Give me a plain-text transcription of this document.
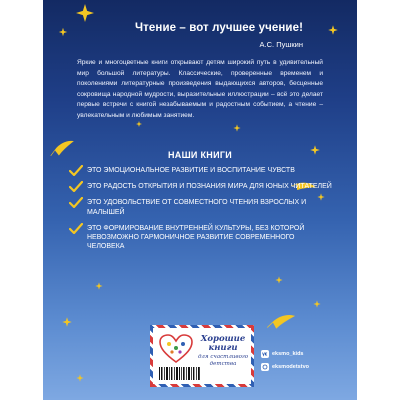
Чтение – вот лучшее учение!
А.С. Пушкин
Яркие и многоцветные книги открывают детям широкий путь в удивительный мир большой литературы. Классические, проверенные временем и поколениями литературные произведения выдающихся авторов, бесценные сокровища народной мудрости, выразительные иллюстрации – всё это делает первые встречи с книгой незабываемым и радостным событием, а чтение – увлекательным и любимым занятием.
НАШИ КНИГИ
ЭТО ЭМОЦИОНАЛЬНОЕ РАЗВИТИЕ И ВОСПИТАНИЕ ЧУВСТВ
ЭТО РАДОСТЬ ОТКРЫТИЯ И ПОЗНАНИЯ МИРА ДЛЯ ЮНЫХ ЧИТАТЕЛЕЙ
ЭТО УДОВОЛЬСТВИЕ ОТ СОВМЕСТНОГО ЧТЕНИЯ ВЗРОСЛЫХ И МАЛЫШЕЙ
ЭТО ФОРМИРОВАНИЕ ВНУТРЕННЕЙ КУЛЬТУРЫ, БЕЗ КОТОРОЙ НЕВОЗМОЖНО ГАРМОНИЧНОЕ РАЗВИТИЕ СОВРЕМЕННОГО ЧЕЛОВЕКА
Хорошие книги
для счастливого детства
eksmo_kids
eksmodetstvo
